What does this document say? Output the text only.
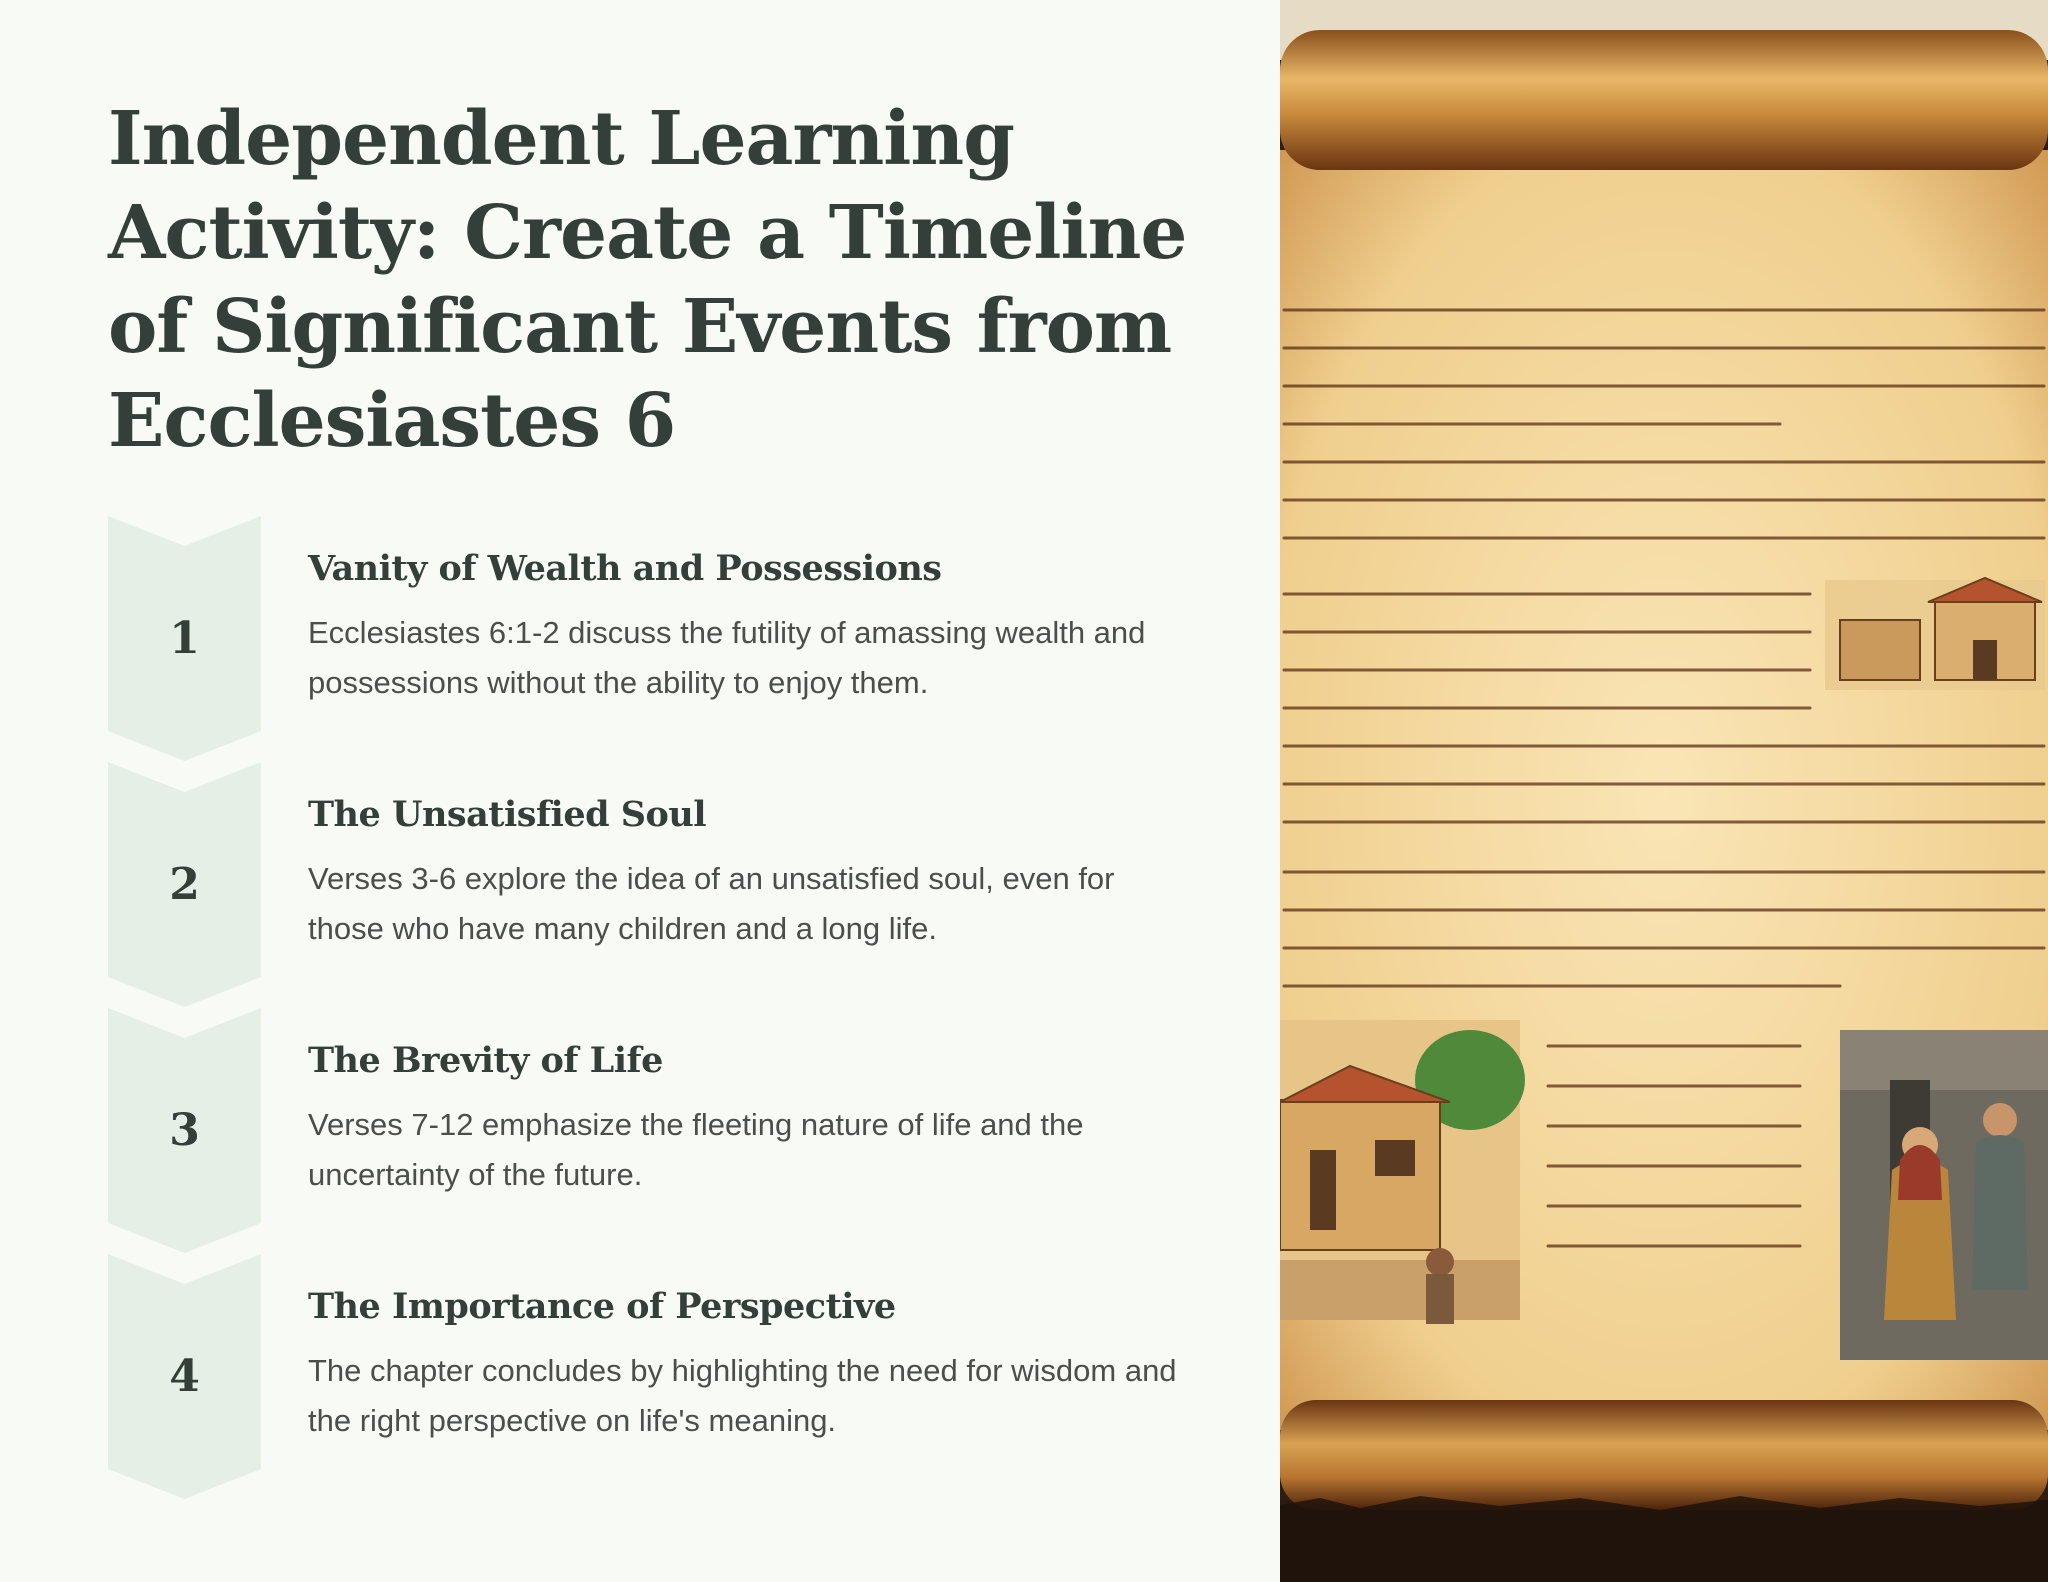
Independent Learning Activity: Create a Timeline of Significant Events from Ecclesiastes 6
1
Vanity of Wealth and Possessions

Ecclesiastes 6:1-2 discuss the futility of amassing wealth and possessions without the ability to enjoy them.

2
The Unsatisfied Soul

Verses 3-6 explore the idea of an unsatisfied soul, even for those who have many children and a long life.

3
The Brevity of Life

Verses 7-12 emphasize the fleeting nature of life and the uncertainty of the future.

4
The Importance of Perspective

The chapter concludes by highlighting the need for wisdom and the right perspective on life's meaning.
